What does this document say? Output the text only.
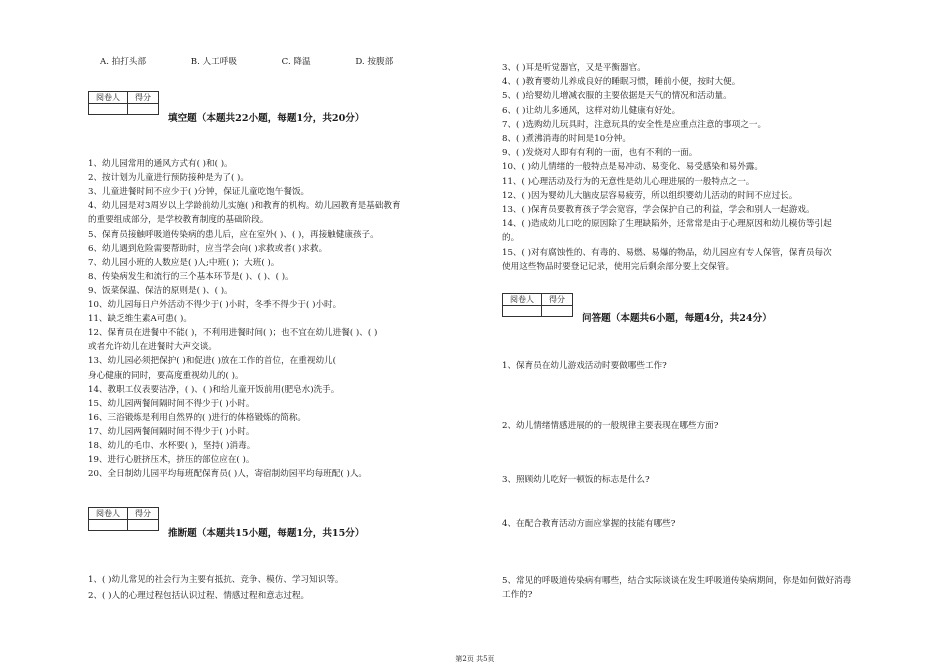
A. 拍打头部	B. 人工呼吸	C. 降温	D. 按腹部
阅卷人	得分

填空题（本题共22小题，每题1分，共20分）
1、幼儿园常用的通风方式有( )和( )。
2、按计划为儿童进行预防接种是为了( )。
3、儿童进餐时间不应少于( )分钟，保证儿童吃饱午餐饭。
4、幼儿园是对3周岁以上学龄前幼儿实施( )和教育的机构。幼儿园教育是基础教育
的重要组成部分，是学校教育制度的基础阶段。
5、保育员接触呼吸道传染病的患儿后，应在室外( )、( )，再接触健康孩子。
6、幼儿遇到危险需要帮助时，应当学会向( )求救或者( )求救。
7、幼儿园小班的人数应是( )人;中班( )；大班( )。
8、传染病发生和流行的三个基本环节是( )、( )、( )。
9、饭菜保温、保洁的原则是( )、( )。
10、幼儿园每日户外活动不得少于( )小时，冬季不得少于( )小时。
11、缺乏维生素A可患( )。
12、保育员在进餐中不能( )，不利用进餐时间( )；也不宜在幼儿进餐( )、( )
或者允许幼儿在进餐时大声交谈。
13、幼儿园必须把保护( )和促进( )放在工作的首位，在重视幼儿(
身心健康的同时，要高度重视幼儿的( )。
14、教职工仪表要洁净，( )、( )和给儿童开饭前用(肥皂水)洗手。
15、幼儿园两餐间隔时间不得少于( )小时。
16、三浴锻炼是利用自然界的( )进行的体格锻炼的简称。
17、幼儿园两餐间隔时间不得少于( )小时。
18、幼儿的毛巾、水杯要( )，坚持( )消毒。
19、进行心脏挤压术，挤压的部位应在( )。
20、全日制幼儿园平均每班配保育员( )人，寄宿制幼园平均每班配( )人。
阅卷人	得分

推断题（本题共15小题，每题1分，共15分）
1、( )幼儿常见的社会行为主要有抵抗、竞争、模仿、学习知识等。
2、( )人的心理过程包括认识过程、情感过程和意志过程。
3、( )耳是听觉器官，又是平衡器官。
4、( )教育婴幼儿养成良好的睡眠习惯，睡前小便，按时大便。
5、( )给婴幼儿增减衣服的主要依据是天气的情况和活动量。
6、( )让幼儿多通风，这样对幼儿健康有好处。
7、( )选购幼儿玩具时，注意玩具的安全性是应重点注意的事项之一。
8、( )煮沸消毒的时间是10分钟。
9、( )发烧对人即有有利的一面，也有不利的一面。
10、( )幼儿情绪的一般特点是易冲动、易变化、易受感染和易外露。
11、( )心理活动及行为的无意性是幼儿心理进展的一般特点之一。
12、( )因为婴幼儿大脑皮层容易疲劳，所以组织婴幼儿活动的时间不应过长。
13、( )保育员要教育孩子学会宽容，学会保护自己的利益，学会和别人一起游戏。
14、( )造成幼儿口吃的原因除了生理缺陷外，还常常是由于心理原因和幼儿模仿等引起
的。
15、( )对有腐蚀性的、有毒的、易燃、易爆的物品，幼儿园应有专人保管，保育员每次
使用这些物品时要登记记录，使用完后剩余部分要上交保管。
阅卷人	得分

问答题（本题共6小题，每题4分，共24分）
1、保育员在幼儿游戏活动时要做哪些工作?
2、幼儿情绪情感进展的的一般规律主要表现在哪些方面?
3、照顾幼儿吃好一顿饭的标志是什么?
4、在配合教育活动方面应掌握的技能有哪些?
5、常见的呼吸道传染病有哪些，结合实际谈谈在发生呼吸道传染病期间，你是如何做好消毒
工作的?
第2页 共5页
